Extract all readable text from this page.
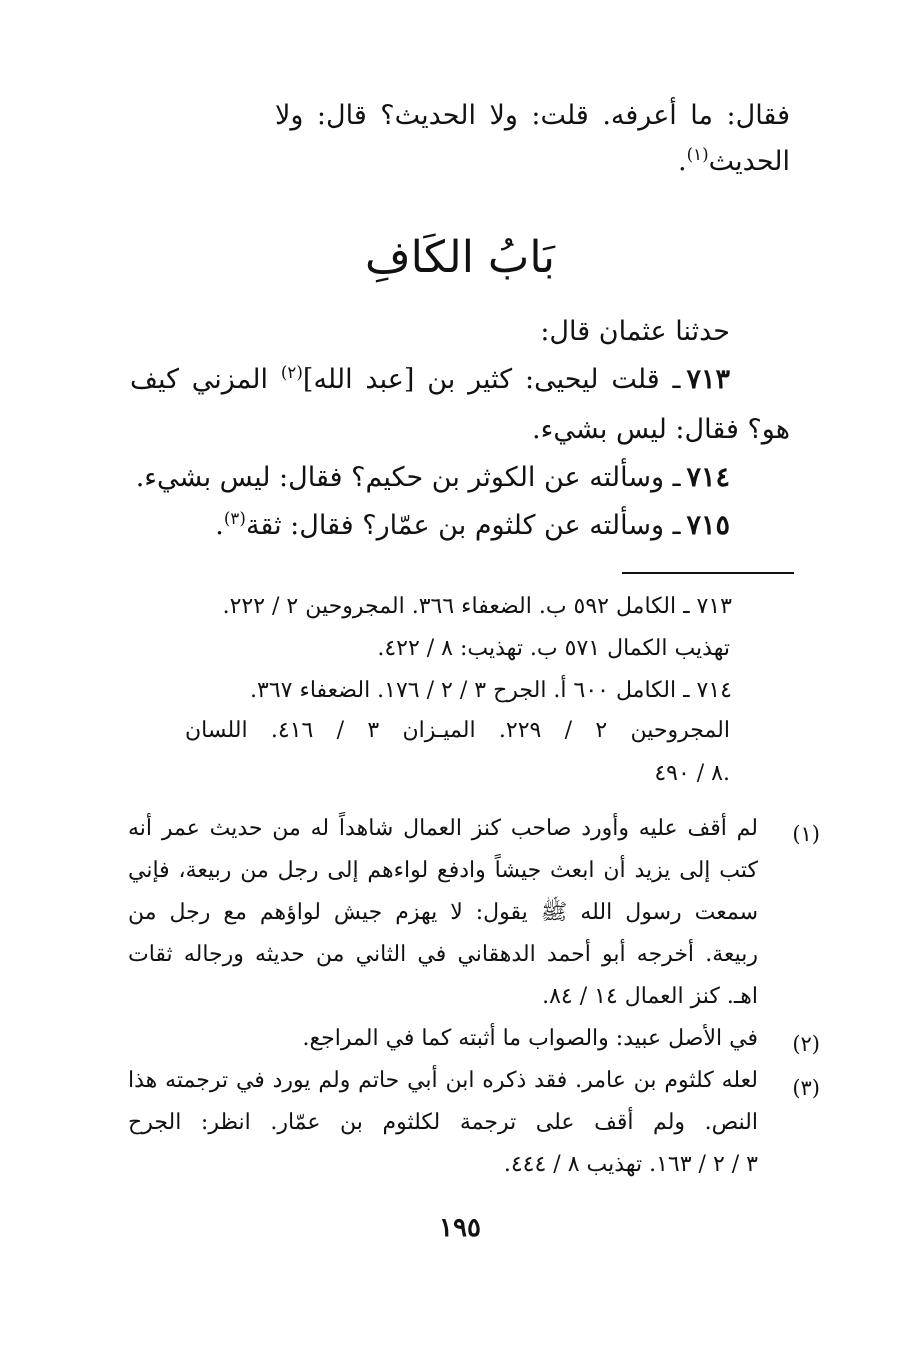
فقال: ما أعرفه. قلت: ولا الحديث؟ قال: ولا
الحديث$^{(١)}$.
بَابُ الكَافِ
حدثنا عثمان قال:
٧١٣ـ قلت ليحيى: كثير بن [عبد الله]$^{(٢)}$ المزني كيف
هو؟ فقال: ليس بشيء.
٧١٤ـ وسألته عن الكوثر بن حكيم؟ فقال: ليس بشيء.
٧١٥ـ وسألته عن كلثوم بن عمّار؟ فقال: ثقة$^{(٣)}$.
٧١٣ ـ الكامل ٥٩٢ ب. الضعفاء ٣٦٦. المجروحين ٢ / ٢٢٢.
تهذيب الكمال ٥٧١ ب. تهذيب: ٨ / ٤٢٢.
٧١٤ ـ الكامل ٦٠٠ أ. الجرح ٣ / ٢ / ١٧٦. الضعفاء ٣٦٧.
المجروحين ٢ / ٢٢٩. الميـزان ٣ / ٤١٦. اللسان
٨ / ٤٩٠.
(١)
لم أقف عليه وأورد صاحب كنز العمال شاهداً له من حديث عمر أنه
كتب إلى يزيد أن ابعث جيشاً وادفع لواءهم إلى رجل من ربيعة، فإني
سمعت رسول الله ﷺ يقول: لا يهزم جيش لواؤهم مع رجل من
ربيعة. أخرجه أبو أحمد الدهقاني في الثاني من حديثه ورجاله ثقات
اهـ. كنز العمال ١٤ / ٨٤.
(٢)
في الأصل عبيد: والصواب ما أثبته كما في المراجع.
(٣)
لعله كلثوم بن عامر. فقد ذكره ابن أبي حاتم ولم يورد في ترجمته هذا
النص. ولم أقف على ترجمة لكلثوم بن عمّار. انظر: الجرح
٣ / ٢ / ١٦٣. تهذيب ٨ / ٤٤٤.
١٩٥
